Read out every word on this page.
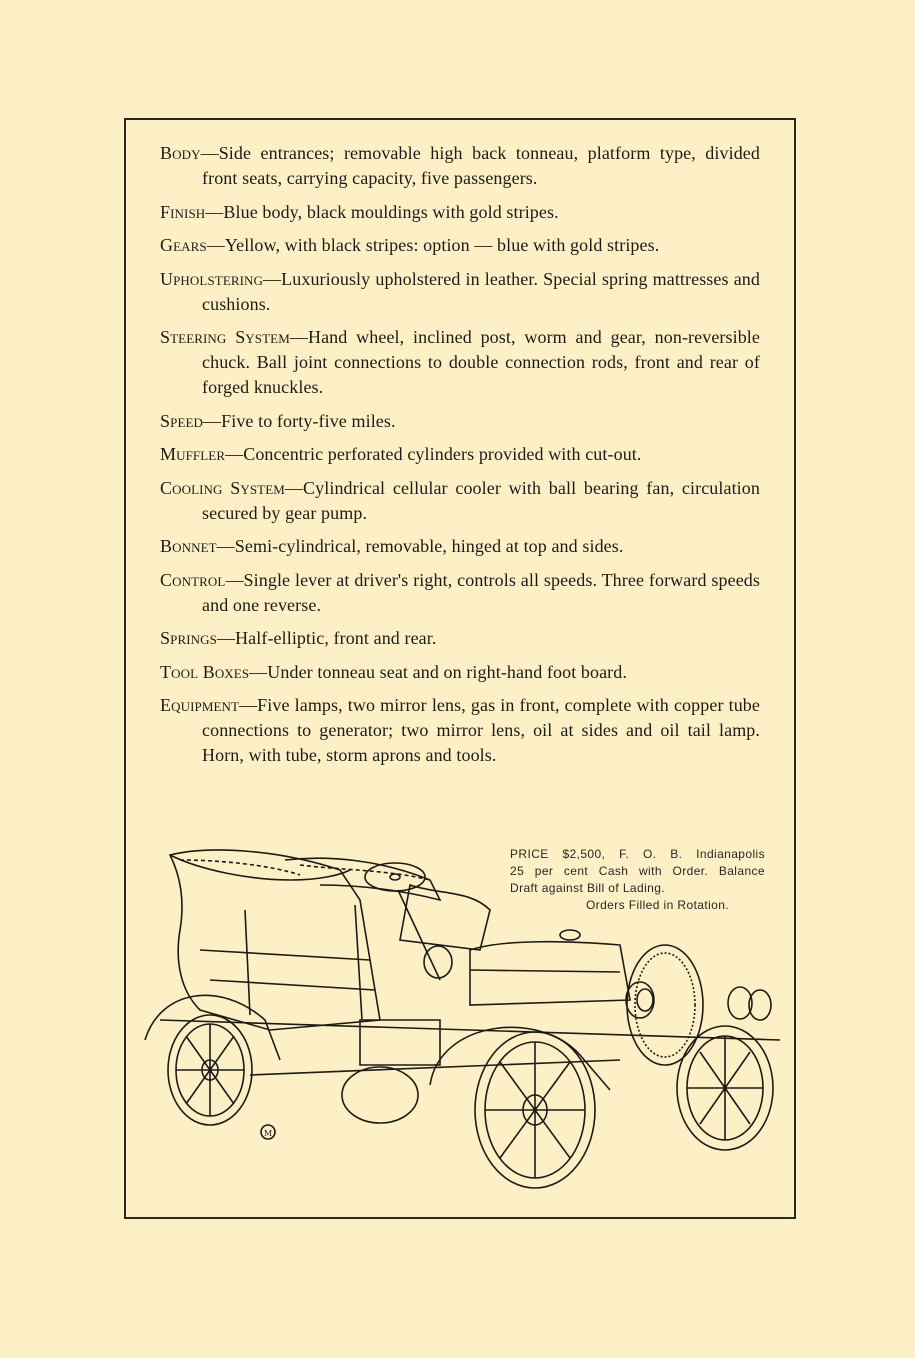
Body—Side entrances; removable high back tonneau, platform type, divided front seats, carrying capacity, five passengers.
Finish—Blue body, black mouldings with gold stripes.
Gears—Yellow, with black stripes: option — blue with gold stripes.
Upholstering—Luxuriously upholstered in leather. Special spring mattresses and cushions.
Steering System—Hand wheel, inclined post, worm and gear, non-reversible chuck. Ball joint connections to double connection rods, front and rear of forged knuckles.
Speed—Five to forty-five miles.
Muffler—Concentric perforated cylinders provided with cut-out.
Cooling System—Cylindrical cellular cooler with ball bearing fan, circulation secured by gear pump.
Bonnet—Semi-cylindrical, removable, hinged at top and sides.
Control—Single lever at driver's right, controls all speeds. Three forward speeds and one reverse.
Springs—Half-elliptic, front and rear.
Tool Boxes—Under tonneau seat and on right-hand foot board.
Equipment—Five lamps, two mirror lens, gas in front, complete with copper tube connections to generator; two mirror lens, oil at sides and oil tail lamp. Horn, with tube, storm aprons and tools.
PRICE $2,500, F. O. B. Indianapolis
25 per cent Cash with Order. Balance
Draft against Bill of Lading.
Orders Filled in Rotation.
M
